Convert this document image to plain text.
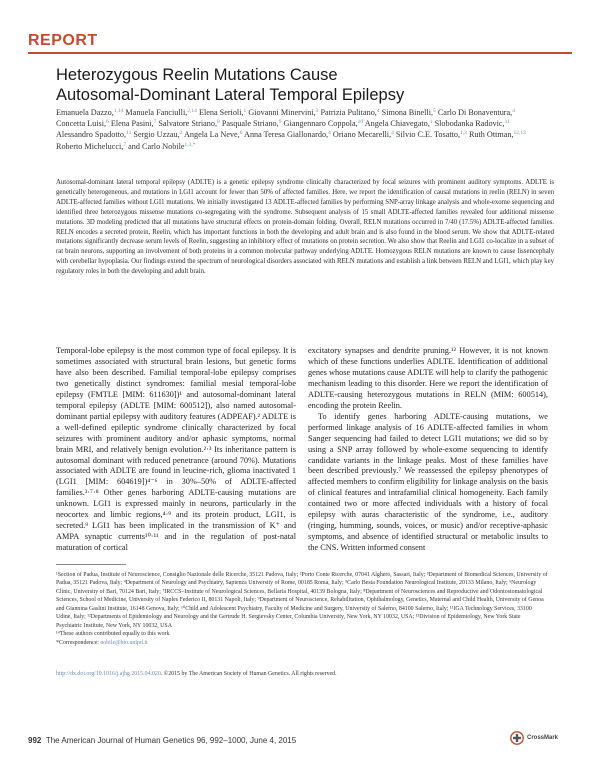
REPORT
Heterozygous Reelin Mutations Cause
Autosomal-Dominant Lateral Temporal Epilepsy
Emanuela Dazzo,$^{1,14}$ Manuela Fanciulli,$^{2,14}$ Elena Serioli,$^1$ Giovanni Minervini,$^3$ Patrizia Pulitano,$^4$ Simona Binelli,$^5$ Carlo Di Bonaventura,$^4$ Concetta Luisi,$^6$ Elena Pasini,$^7$ Salvatore Striano,$^8$ Pasquale Striano,$^9$ Giangennaro Coppola,$^{10}$ Angela Chiavegato,$^1$ Slobodanka Radovic,$^{11}$ Alessandro Spadotto,$^{11}$ Sergio Uzzau,$^2$ Angela La Neve,$^6$ Anna Teresa Giallonardo,$^4$ Oriano Mecarelli,$^4$ Silvio C.E. Tosatto,$^{1,3}$ Ruth Ottman,$^{12,13}$ Roberto Michelucci,$^7$ and Carlo Nobile$^{1,3,*}$
Autosomal-dominant lateral temporal epilepsy (ADLTE) is a genetic epilepsy syndrome clinically characterized by focal seizures with prominent auditory symptoms. ADLTE is genetically heterogeneous, and mutations in LGI1 account for fewer than 50% of affected families. Here, we report the identification of causal mutations in reelin (RELN) in seven ADLTE-affected families without LGI1 mutations. We initially investigated 13 ADLTE-affected families by performing SNP-array linkage analysis and whole-exome sequencing and identified three heterozygous missense mutations co-segregating with the syndrome. Subsequent analysis of 15 small ADLTE-affected families revealed four additional missense mutations. 3D modeling predicted that all mutations have structural effects on protein-domain folding. Overall, RELN mutations occurred in 7/40 (17.5%) ADLTE-affected families. RELN encodes a secreted protein, Reelin, which has important functions in both the developing and adult brain and is also found in the blood serum. We show that ADLTE-related mutations significantly decrease serum levels of Reelin, suggesting an inhibitory effect of mutations on protein secretion. We also show that Reelin and LGI1 co-localize in a subset of rat brain neurons, supporting an involvement of both proteins in a common molecular pathway underlying ADLTE. Homozygous RELN mutations are known to cause lissencephaly with cerebellar hypoplasia. Our findings extend the spectrum of neurological disorders associated with RELN mutations and establish a link between RELN and LGI1, which play key regulatory roles in both the developing and adult brain.

Temporal-lobe epilepsy is the most common type of focal epilepsy. It is sometimes associated with structural brain lesions, but genetic forms have also been described. Familial temporal-lobe epilepsy comprises two genetically distinct syndromes: familial mesial temporal-lobe epilepsy (FMTLE [MIM: 611630])¹ and autosomal-dominant lateral temporal epilepsy (ADLTE [MIM: 600512]), also named autosomal-dominant partial epilepsy with auditory features (ADPEAF).² ADLTE is a well-defined epileptic syndrome clinically characterized by focal seizures with prominent auditory and/or aphasic symptoms, normal brain MRI, and relatively benign evolution.²·³ Its inheritance pattern is autosomal dominant with reduced penetrance (around 70%). Mutations associated with ADLTE are found in leucine-rich, glioma inactivated 1 (LGI1 [MIM: 604619])⁴⁻⁶ in 30%–50% of ADLTE-affected families.³·⁷·⁸ Other genes harboring ADLTE-causing mutations are unknown. LGI1 is expressed mainly in neurons, particularly in the neocortex and limbic regions,⁴·⁹ and its protein product, LGI1, is secreted.⁹ LGI1 has been implicated in the transmission of K⁺ and AMPA synaptic currents¹⁰·¹¹ and in the regulation of post-natal maturation of cortical

excitatory synapses and dendrite pruning.¹² However, it is not known which of these functions underlies ADLTE. Identification of additional genes whose mutations cause ADLTE will help to clarify the pathogenic mechanism leading to this disorder. Here we report the identification of ADLTE-causing heterozygous mutations in RELN (MIM: 600514), encoding the protein Reelin.

To identify genes harboring ADLTE-causing mutations, we performed linkage analysis of 16 ADLTE-affected families in whom Sanger sequencing had failed to detect LGI1 mutations; we did so by using a SNP array followed by whole-exome sequencing to identify candidate variants in the linkage peaks. Most of these families have been described previously.⁷ We reassessed the epilepsy phenotypes of affected members to confirm eligibility for linkage analysis on the basis of clinical features and intrafamilial clinical homogeneity. Each family contained two or more affected individuals with a history of focal epilepsy with auras characteristic of the syndrome, i.e., auditory (ringing, humming, sounds, voices, or music) and/or receptive-aphasic symptoms, and absence of identified structural or metabolic insults to the CNS. Written informed consent

¹Section of Padua, Institute of Neuroscience, Consiglio Nazionale delle Ricerche, 35121 Padova, Italy; ²Porto Conte Ricerche, 07041 Alghero, Sassari, Italy; ³Department of Biomedical Sciences, University of Padua, 35121 Padova, Italy; ⁴Department of Neurology and Psychiatry, Sapienza University of Rome, 00185 Roma, Italy; ⁵Carlo Besta Foundation Neurological Institute, 20133 Milano, Italy; ⁶Neurology Clinic, University of Bari, 70124 Bari, Italy; ⁷IRCCS–Institute of Neurological Sciences, Bellaria Hospital, 40139 Bologna, Italy; ⁸Department of Neurosciences and Reproductive and Odontostomatological Sciences, School of Medicine, University of Naples Federico II, 80131 Napoli, Italy; ⁹Department of Neuroscience, Rehabilitation, Ophthalmology, Genetics, Maternal and Child Health, University of Genoa and Giannina Gaslini Institute, 16148 Genova, Italy; ¹⁰Child and Adolescent Psychiatry, Faculty of Medicine and Surgery, University of Salerno, 84100 Salerno, Italy; ¹¹IGA Technology Services, 33100 Udine, Italy; ¹²Departments of Epidemiology and Neurology and the Gertrude H. Sergievsky Center, Columbia University, New York, NY 10032, USA; ¹³Division of Epidemiology, New York State Psychiatric Institute, New York, NY 10032, USA

¹⁴These authors contributed equally to this work

*Correspondence: nobile@bio.unipd.it

http://dx.doi.org/10.1016/j.ajhg.2015.04.020. ©2015 by The American Society of Human Genetics. All rights reserved.
992 The American Journal of Human Genetics 96, 992–1000, June 4, 2015	CrossMark
